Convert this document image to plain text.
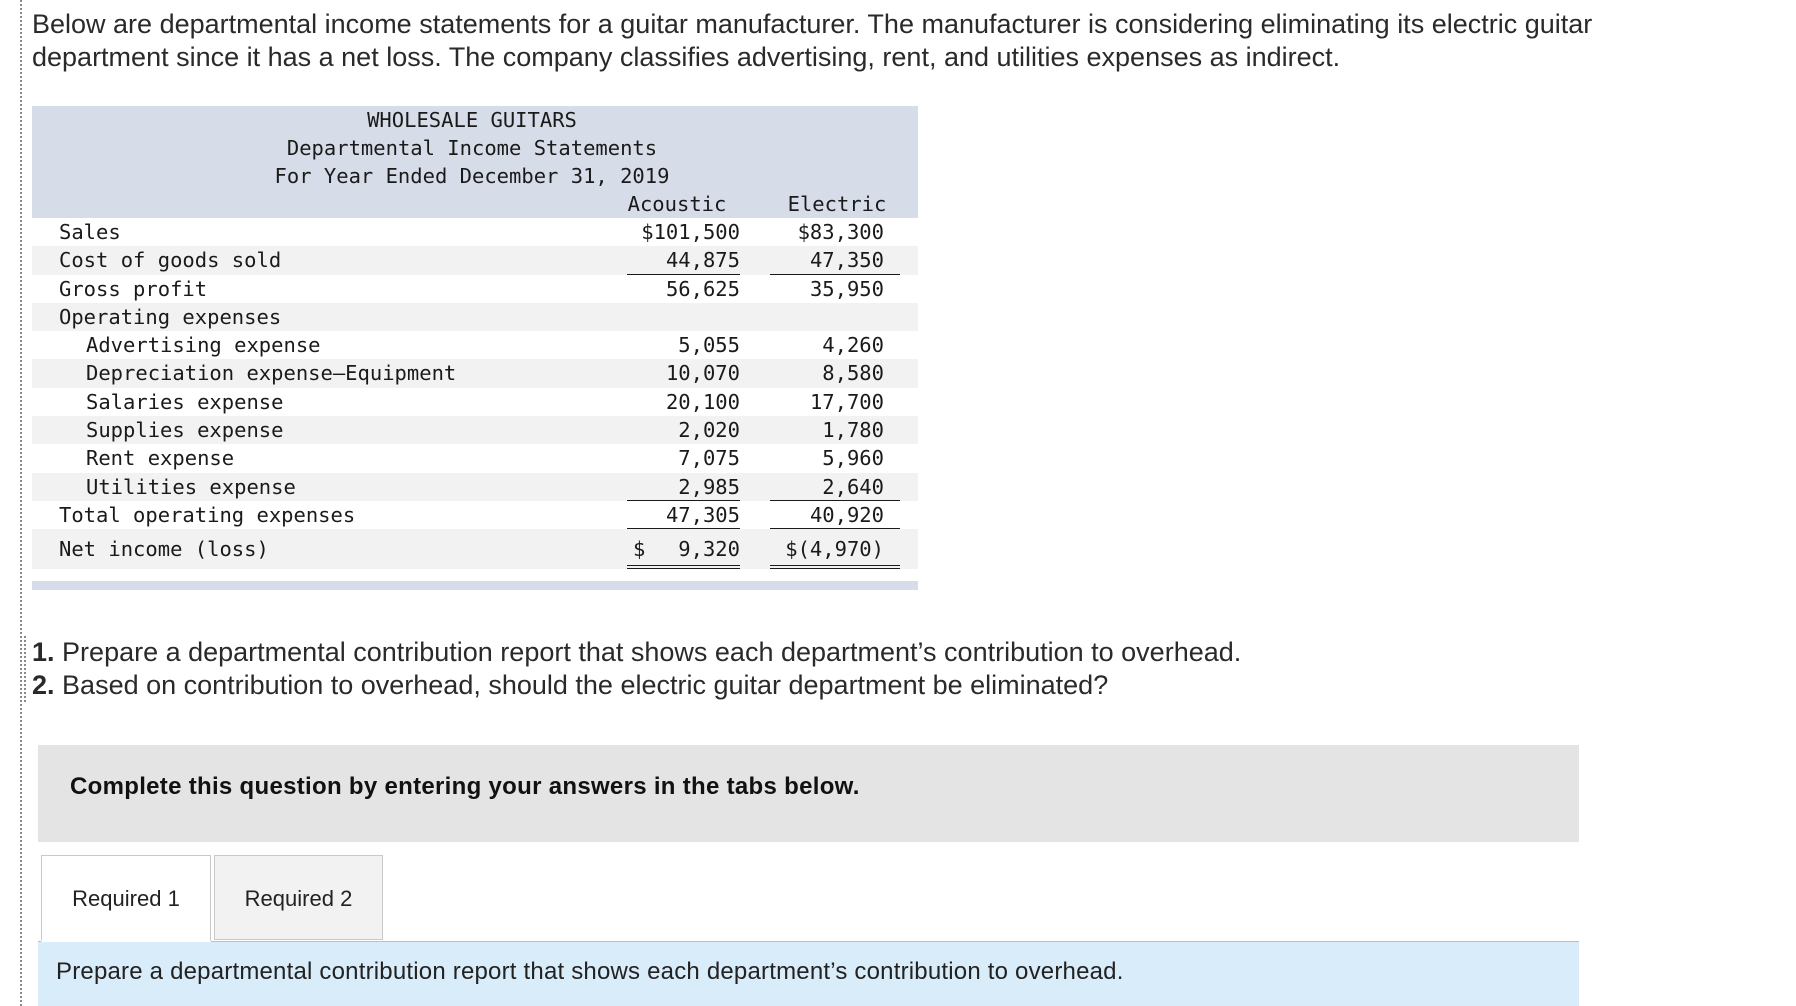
Below are departmental income statements for a guitar manufacturer. The manufacturer is considering eliminating its electric guitar department since it has a net loss. The company classifies advertising, rent, and utilities expenses as indirect.

WHOLESALE GUITARS
Departmental Income Statements
For Year Ended December 31, 2019
Acoustic	Electric
Sales	$101,500	$83,300
Cost of goods sold	44,875	47,350
Gross profit	56,625	35,950
Operating expenses
Advertising expense	5,055	4,260
Depreciation expense—Equipment	10,070	8,580
Salaries expense	20,100	17,700
Supplies expense	2,020	1,780
Rent expense	7,075	5,960
Utilities expense	2,985	2,640
Total operating expenses	47,305	40,920
Net income (loss)	$ 9,320	$(4,970)
1. Prepare a departmental contribution report that shows each department’s contribution to overhead.
2. Based on contribution to overhead, should the electric guitar department be eliminated?
Complete this question by entering your answers in the tabs below.
Required 1	Required 2
Prepare a departmental contribution report that shows each department’s contribution to overhead.
